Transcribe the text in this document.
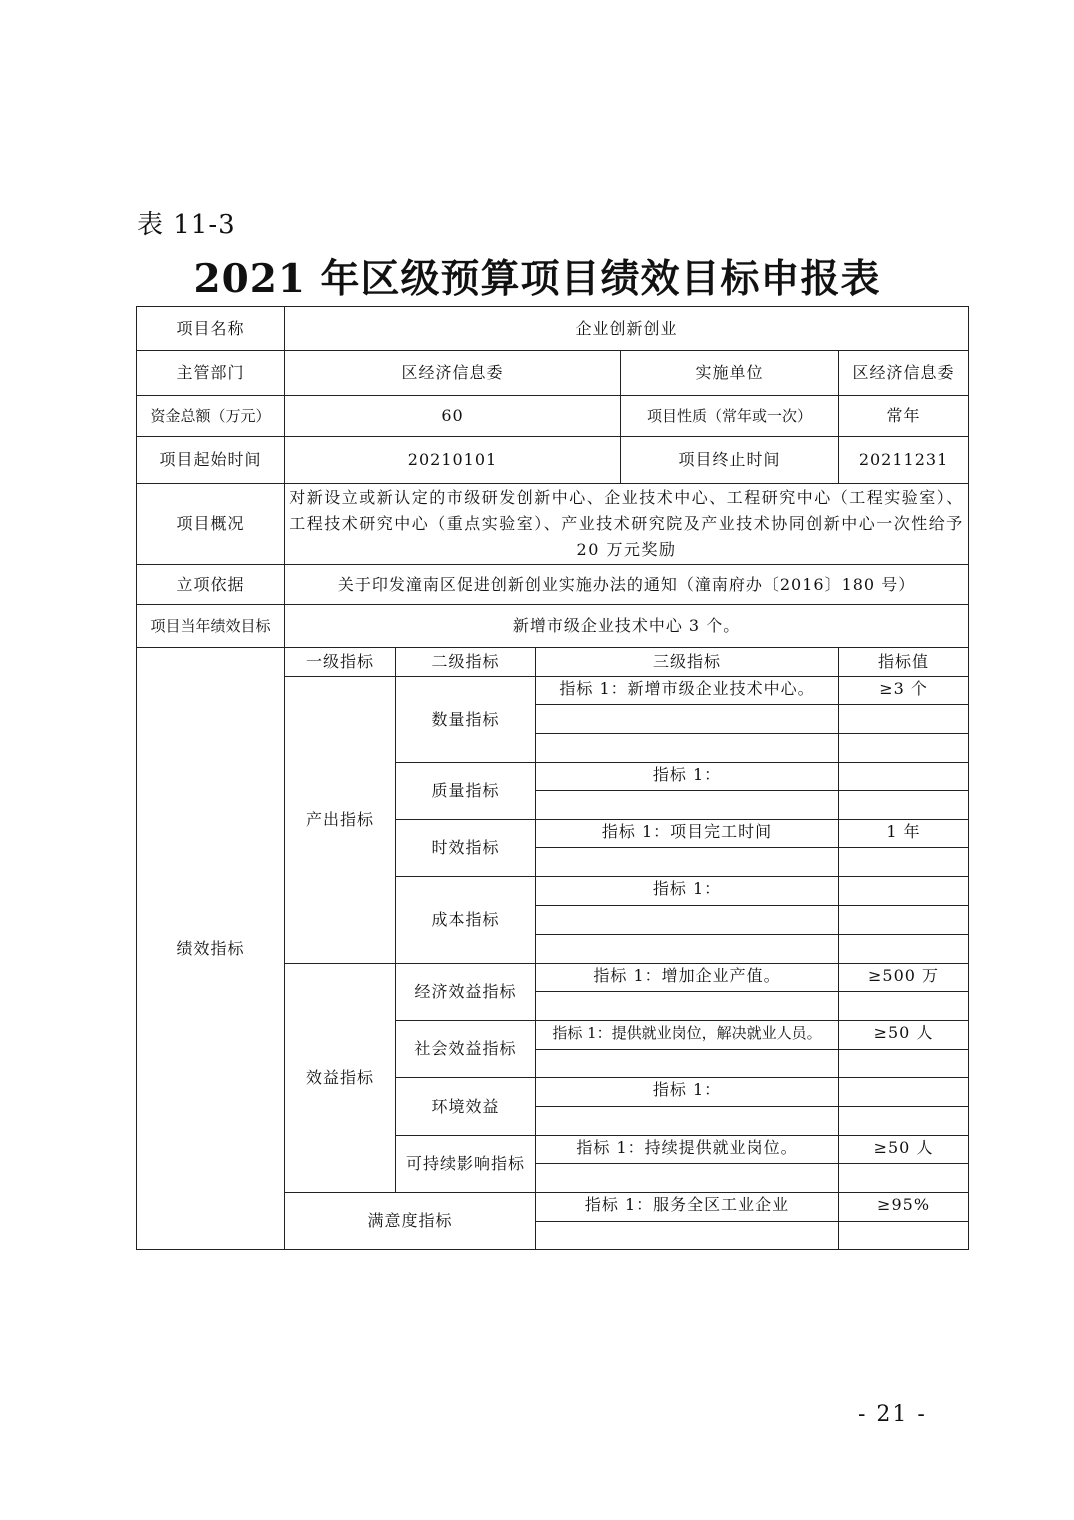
表 11-3
2021 年区级预算项目绩效目标申报表
项目名称	企业创新创业				
主管部门	区经济信息委			实施单位	区经济信息委
资金总额（万元）	60			项目性质（常年或一次）	常年
项目起始时间	20210101			项目终止时间	20211231
项目概况	对新设立或新认定的市级研发创新中心、企业技术中心、工程研究中心（工程实验室）、工程技术研究中心（重点实验室）、产业技术研究院及产业技术协同创新中心一次性给予 20 万元奖励				
立项依据	关于印发潼南区促进创新创业实施办法的通知（潼南府办〔2016〕180 号）				
项目当年绩效目标	新增市级企业技术中心 3 个。				
绩效指标	一级指标	二级指标	三级指标		指标值
	产出指标	数量指标	指标 1：新增市级企业技术中心。		≥3 个

		质量指标	指标 1：		

		时效指标	指标 1：项目完工时间		1 年

		成本指标	指标 1：		

	效益指标	经济效益指标	指标 1：增加企业产值。		≥500 万

		社会效益指标	指标 1：提供就业岗位，解决就业人员。		≥50 人

		环境效益	指标 1：		

		可持续影响指标	指标 1：持续提供就业岗位。		≥50 人

	满意度指标		指标 1：服务全区工业企业		≥95%

- 21 -
